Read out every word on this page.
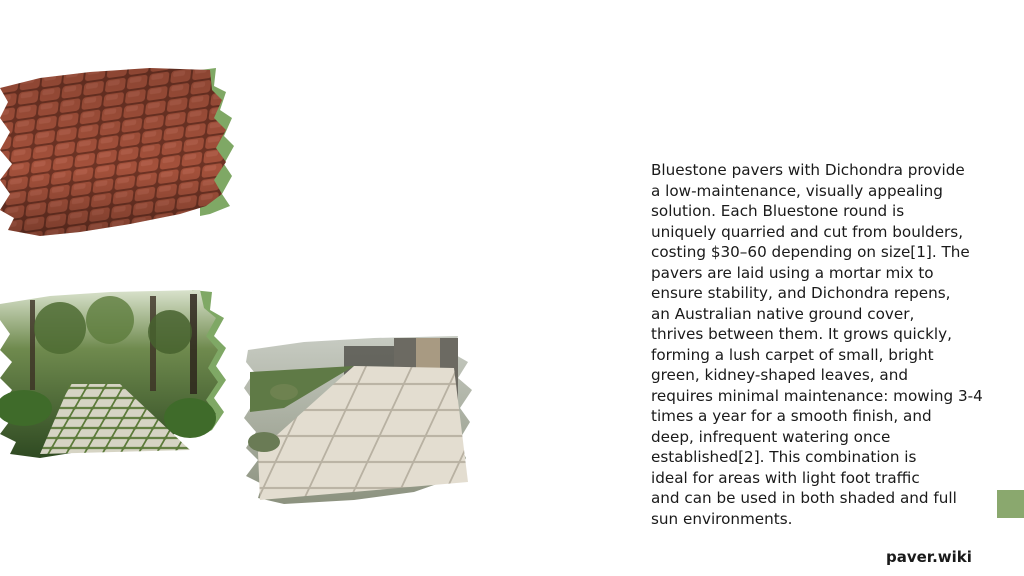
Bluestone pavers with Dichondra provide
a low-maintenance, visually appealing
solution. Each Bluestone round is
uniquely quarried and cut from boulders,
costing $30–60 depending on size[1]. The
pavers are laid using a mortar mix to
ensure stability, and Dichondra repens,
an Australian native ground cover,
thrives between them. It grows quickly,
forming a lush carpet of small, bright
green, kidney-shaped leaves, and
requires minimal maintenance: mowing 3-4
times a year for a smooth finish, and
deep, infrequent watering once
established[2]. This combination is
ideal for areas with light foot traffic
and can be used in both shaded and full
sun environments.

paver.wiki
